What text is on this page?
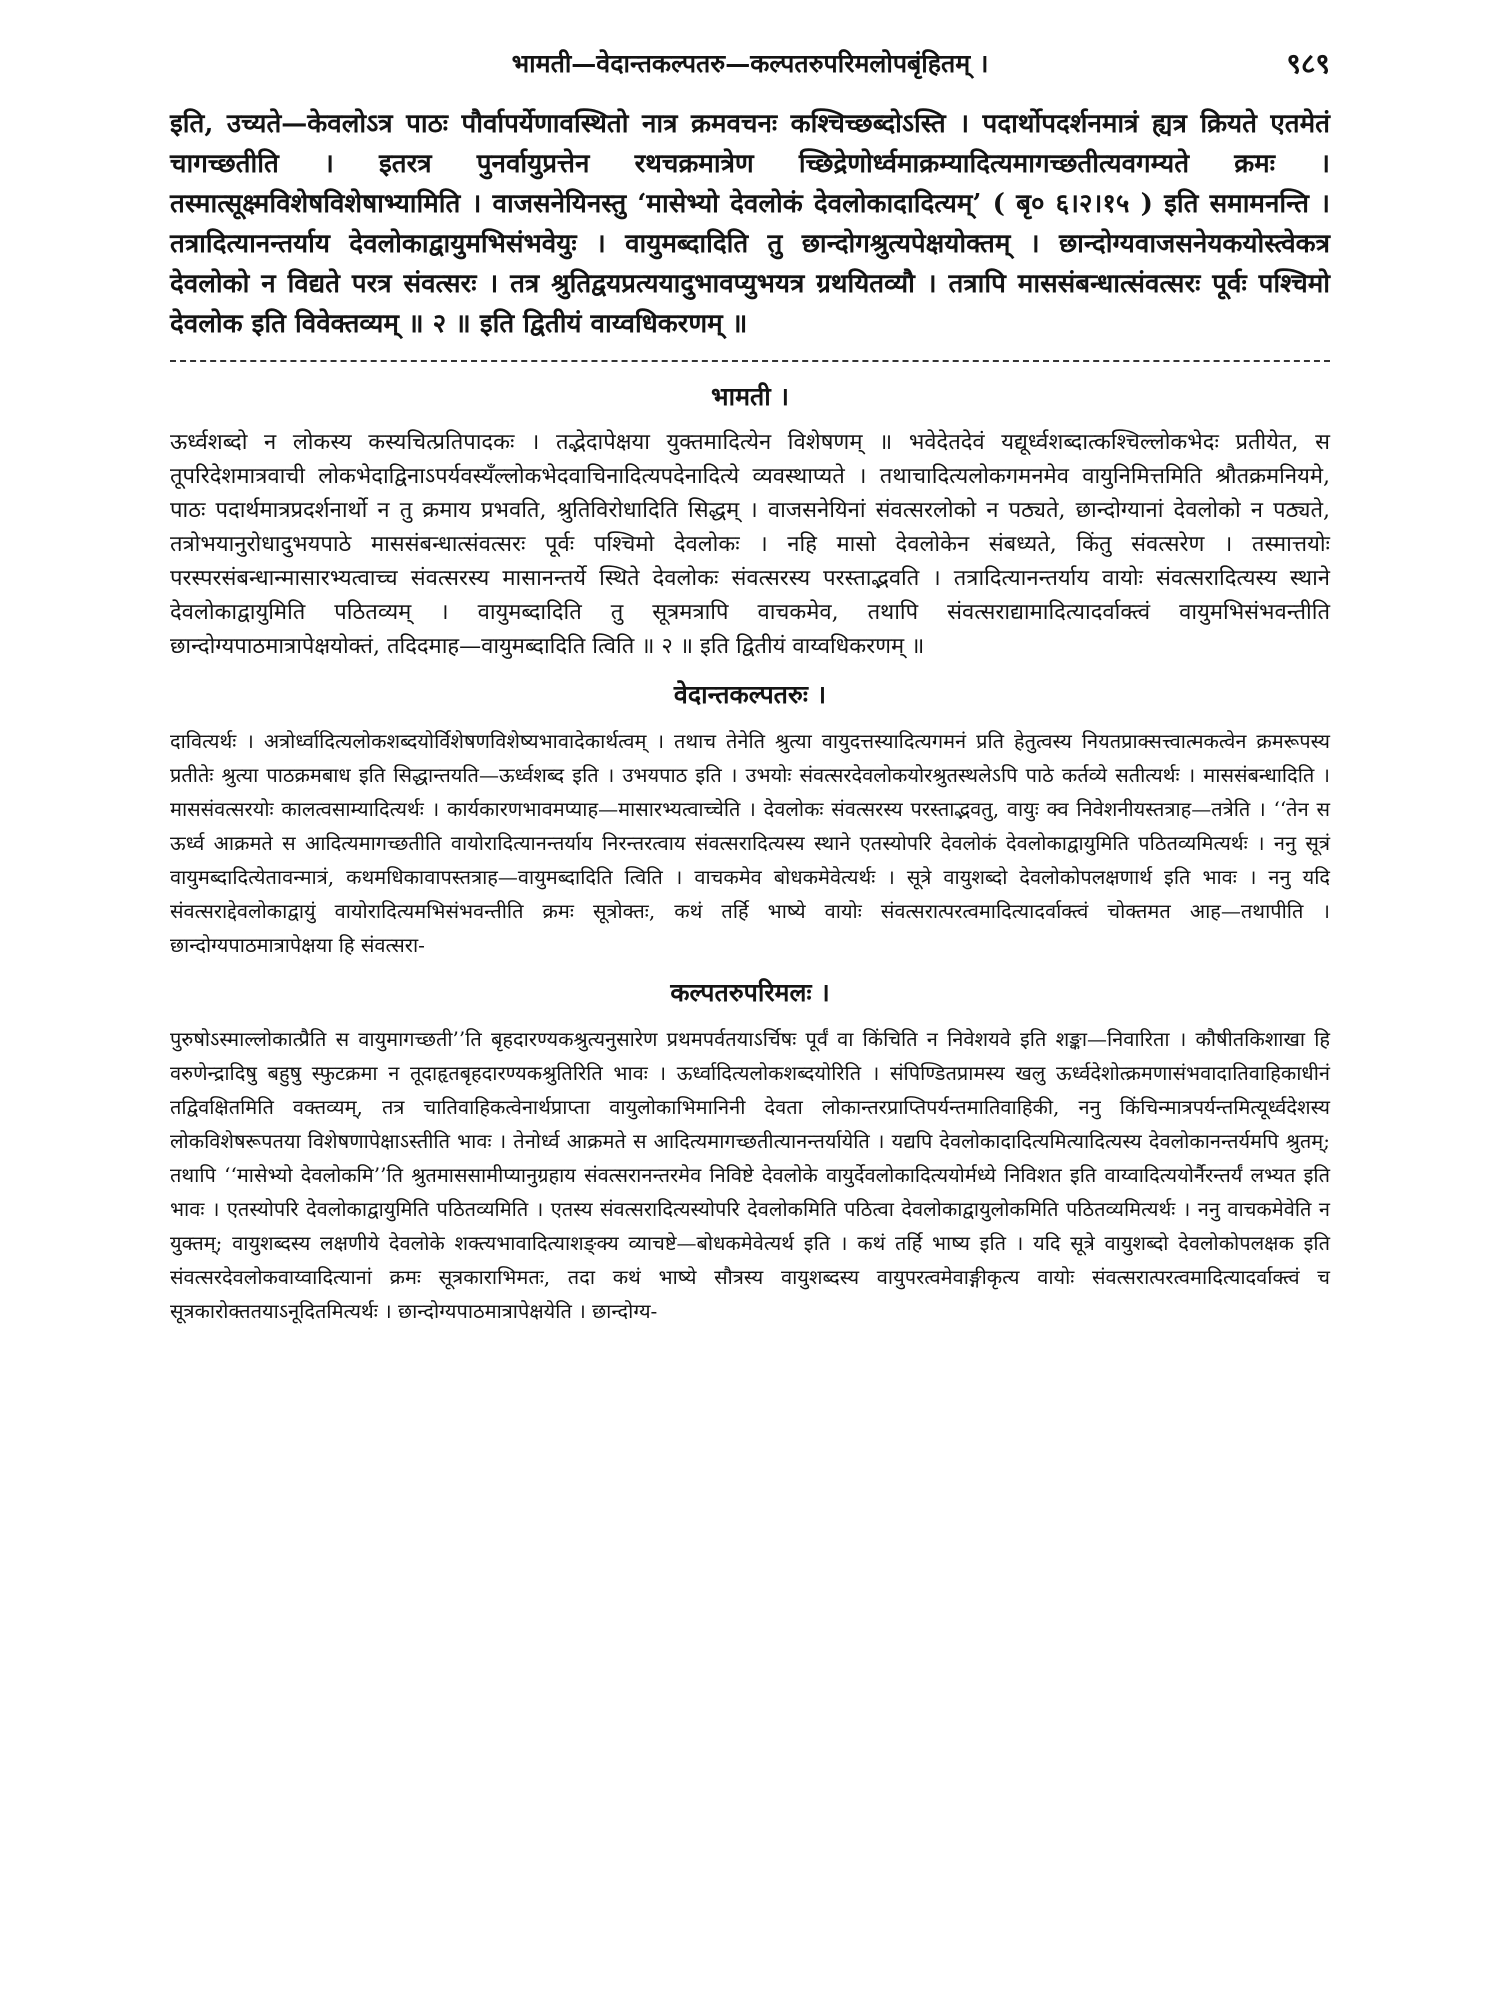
भामती—वेदान्तकल्पतरु—कल्पतरुपरिमलोपबृंहितम् ।	९८९

इति, उच्यते—केवलोऽत्र पाठः पौर्वापर्येणावस्थितो नात्र क्रमवचनः कश्चिच्छब्दोऽस्ति । पदार्थोपदर्शनमात्रं ह्यत्र क्रियते एतमेतं चागच्छतीति । इतरत्र पुनर्वायुप्रत्तेन रथचक्रमात्रेण च्छिद्रेणोर्ध्वमाक्रम्यादित्यमागच्छतीत्यवगम्यते क्रमः । तस्मात्सूक्ष्मविशेषविशेषाभ्यामिति । वाजसनेयिनस्तु ‘मासेभ्यो देवलोकं देवलोकादादित्यम्’ ( बृ० ६।२।१५ ) इति समामनन्ति । तत्रादित्यानन्तर्याय देवलोकाद्वायुमभिसंभवेयुः । वायुमब्दादिति तु छान्दोगश्रुत्यपेक्षयोक्तम् । छान्दोग्यवाजसनेयकयोस्त्वेकत्र देवलोको न विद्यते परत्र संवत्सरः । तत्र श्रुतिद्वयप्रत्ययादुभावप्युभयत्र ग्रथयितव्यौ । तत्रापि माससंबन्धात्संवत्सरः पूर्वः पश्चिमो देवलोक इति विवेक्तव्यम् ॥ २ ॥ इति द्वितीयं वाय्वधिकरणम् ॥

भामती ।

ऊर्ध्वशब्दो न लोकस्य कस्यचित्प्रतिपादकः । तद्भेदापेक्षया युक्तमादित्येन विशेषणम् ॥ भवेदेतदेवं यद्यूर्ध्वशब्दात्कश्चिल्लोकभेदः प्रतीयेत, स तूपरिदेशमात्रवाची लोकभेदाद्विनाऽपर्यवस्यँल्लोकभेदवाचिनादित्यपदेनादित्ये व्यवस्थाप्यते । तथाचादित्यलोकगमनमेव वायुनिमित्तमिति श्रौतक्रमनियमे, पाठः पदार्थमात्रप्रदर्शनार्थो न तु क्रमाय प्रभवति, श्रुतिविरोधादिति सिद्धम् । वाजसनेयिनां संवत्सरलोको न पठ्यते, छान्दोग्यानां देवलोको न पठ्यते, तत्रोभयानुरोधादुभयपाठे माससंबन्धात्संवत्सरः पूर्वः पश्चिमो देवलोकः । नहि मासो देवलोकेन संबध्यते, किंतु संवत्सरेण । तस्मात्तयोः परस्परसंबन्धान्मासारभ्यत्वाच्च संवत्सरस्य मासानन्तर्ये स्थिते देवलोकः संवत्सरस्य परस्ताद्भवति । तत्रादित्यानन्तर्याय वायोः संवत्सरादित्यस्य स्थाने देवलोकाद्वायुमिति पठितव्यम् । वायुमब्दादिति तु सूत्रमत्रापि वाचकमेव, तथापि संवत्सराद्यामादित्यादर्वाक्त्वं वायुमभिसंभवन्तीति छान्दोग्यपाठमात्रापेक्षयोक्तं, तदिदमाह—वायुमब्दादिति त्विति ॥ २ ॥ इति द्वितीयं वाय्वधिकरणम् ॥

वेदान्तकल्पतरुः ।

दावित्यर्थः । अत्रोर्ध्वादित्यलोकशब्दयोर्विशेषणविशेष्यभावादेकार्थत्वम् । तथाच तेनेति श्रुत्या वायुदत्तस्यादित्यगमनं प्रति हेतुत्वस्य नियतप्राक्सत्त्वात्मकत्वेन क्रमरूपस्य प्रतीतेः श्रुत्या पाठक्रमबाध इति सिद्धान्तयति—ऊर्ध्वशब्द इति । उभयपाठ इति । उभयोः संवत्सरदेवलोकयोरश्रुतस्थलेऽपि पाठे कर्तव्ये सतीत्यर्थः । माससंबन्धादिति । माससंवत्सरयोः कालत्वसाम्यादित्यर्थः । कार्यकारणभावमप्याह—मासारभ्यत्वाच्चेति । देवलोकः संवत्सरस्य परस्ताद्भवतु, वायुः क्व निवेशनीयस्तत्राह—तत्रेति । ‘‘तेन स ऊर्ध्व आक्रमते स आदित्यमागच्छतीति वायोरादित्यानन्तर्याय निरन्तरत्वाय संवत्सरादित्यस्य स्थाने एतस्योपरि देवलोकं देवलोकाद्वायुमिति पठितव्यमित्यर्थः । ननु सूत्रं वायुमब्दादित्येतावन्मात्रं, कथमधिकावापस्तत्राह—वायुमब्दादिति त्विति । वाचकमेव बोधकमेवेत्यर्थः । सूत्रे वायुशब्दो देवलोकोपलक्षणार्थ इति भावः । ननु यदि संवत्सराद्देवलोकाद्वायुं वायोरादित्यमभिसंभवन्तीति क्रमः सूत्रोक्तः, कथं तर्हि भाष्ये वायोः संवत्सरात्परत्वमादित्यादर्वाक्त्वं चोक्तमत आह—तथापीति । छान्दोग्यपाठमात्रापेक्षया हि संवत्सरा-

कल्पतरुपरिमलः ।

पुरुषोऽस्माल्लोकात्प्रैति स वायुमागच्छती’’ति बृहदारण्यकश्रुत्यनुसारेण प्रथमपर्वतयाऽर्चिषः पूर्वं वा किंचिति न निवेशयवे इति शङ्का—निवारिता । कौषीतकिशाखा हि वरुणेन्द्रादिषु बहुषु स्फुटक्रमा न तूदाहृतबृहदारण्यकश्रुतिरिति भावः । ऊर्ध्वादित्यलोकशब्दयोरिति । संपिण्डितप्रामस्य खलु ऊर्ध्वदेशोत्क्रमणासंभवादातिवाहिकाधीनं तद्विवक्षितमिति वक्तव्यम्, तत्र चातिवाहिकत्वेनार्थप्राप्ता वायुलोकाभिमानिनी देवता लोकान्तरप्राप्तिपर्यन्तमातिवाहिकी, ननु किंचिन्मात्रपर्यन्तमित्यूर्ध्वदेशस्य लोकविशेषरूपतया विशेषणापेक्षाऽस्तीति भावः । तेनोर्ध्व आक्रमते स आदित्यमागच्छतीत्यानन्तर्यायेति । यद्यपि देवलोकादादित्यमित्यादित्यस्य देवलोकानन्तर्यमपि श्रुतम्; तथापि ‘‘मासेभ्यो देवलोकमि’’ति श्रुतमाससामीप्यानुग्रहाय संवत्सरानन्तरमेव निविष्टे देवलोके वायुर्देवलोकादित्ययोर्मध्ये निविशत इति वाय्वादित्ययोर्नैरन्तर्यं लभ्यत इति भावः । एतस्योपरि देवलोकाद्वायुमिति पठितव्यमिति । एतस्य संवत्सरादित्यस्योपरि देवलोकमिति पठित्वा देवलोकाद्वायुलोकमिति पठितव्यमित्यर्थः । ननु वाचकमेवेति न युक्तम्; वायुशब्दस्य लक्षणीये देवलोके शक्त्यभावादित्याशङ्क्य व्याचष्टे—बोधकमेवेत्यर्थ इति । कथं तर्हि भाष्य इति । यदि सूत्रे वायुशब्दो देवलोकोपलक्षक इति संवत्सरदेवलोकवाय्वादित्यानां क्रमः सूत्रकाराभिमतः, तदा कथं भाष्ये सौत्रस्य वायुशब्दस्य वायुपरत्वमेवाङ्गीकृत्य वायोः संवत्सरात्परत्वमादित्यादर्वाक्त्वं च सूत्रकारोक्ततयाऽनूदितमित्यर्थः । छान्दोग्यपाठमात्रापेक्षयेति । छान्दोग्य-
